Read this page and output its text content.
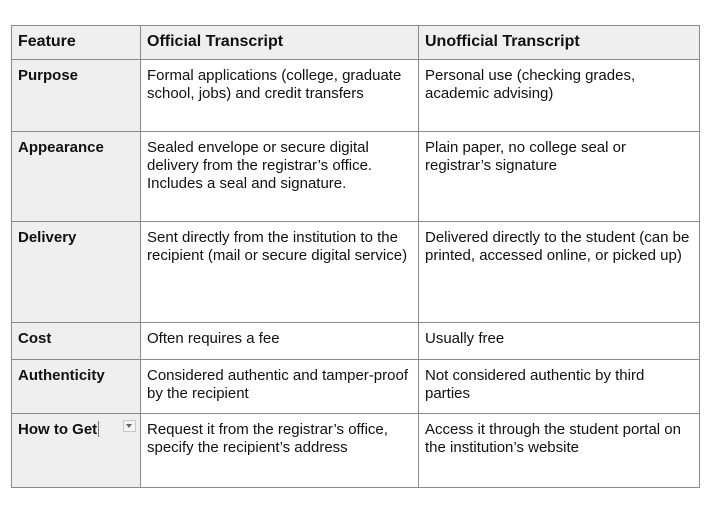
Feature	Official Transcript	Unofficial Transcript
Purpose	Formal applications (college, graduate school, jobs) and credit transfers	Personal use (checking grades, academic advising)
Appearance	Sealed envelope or secure digital delivery from the registrar’s office. Includes a seal and signature.	Plain paper, no college seal or registrar’s signature
Delivery	Sent directly from the institution to the recipient (mail or secure digital service)	Delivered directly to the student (can be printed, accessed online, or picked up)
Cost	Often requires a fee	Usually free
Authenticity	Considered authentic and tamper-proof by the recipient	Not considered authentic by third parties
How to Get	Request it from the registrar’s office, specify the recipient’s address	Access it through the student portal on the institution’s website
